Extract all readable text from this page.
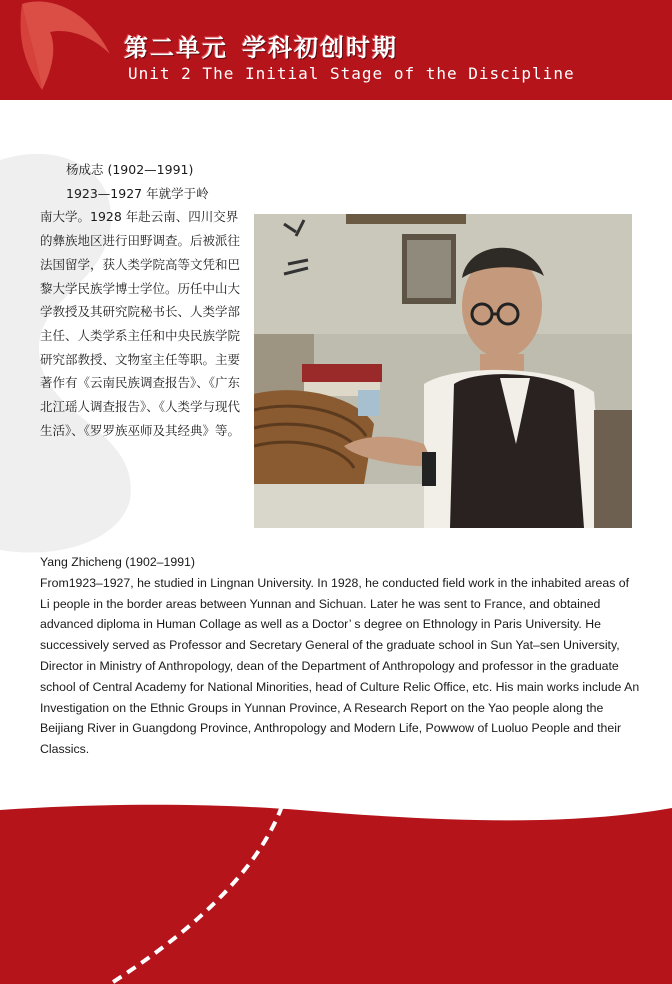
第二单元 学科初创时期
Unit 2 The Initial Stage of the Discipline

杨成志 (1902—1991)

1923—1927 年就学于岭

南大学。1928 年赴云南、四川交界的彝族地区进行田野调查。后被派往法国留学，获人类学院高等文凭和巴黎大学民族学博士学位。历任中山大学教授及其研究院秘书长、人类学部主任、人类学系主任和中央民族学院研究部教授、文物室主任等职。主要著作有《云南民族调查报告》、《广东北江瑶人调查报告》、《人类学与现代生活》、《罗罗族巫师及其经典》等。

Yang Zhicheng (1902–1991)

From1923–1927, he studied in Lingnan University. In 1928, he conducted field work in the inhabited areas of Li people in the border areas between Yunnan and Sichuan. Later he was sent to France, and obtained advanced diploma in Human Collage as well as a Doctor’ s degree on Ethnology in Paris University. He successively served as Professor and Secretary General of the graduate school in Sun Yat–sen University, Director in Ministry of Anthropology, dean of the Department of Anthropology and professor in the graduate school of Central Academy for National Minorities, head of Culture Relic Office, etc. His main works include An Investigation on the Ethnic Groups in Yunnan Province, A Research Report on the Yao people along the Beijiang River in Guangdong Province, Anthropology and Modern Life, Powwow of Luoluo People and their Classics.
